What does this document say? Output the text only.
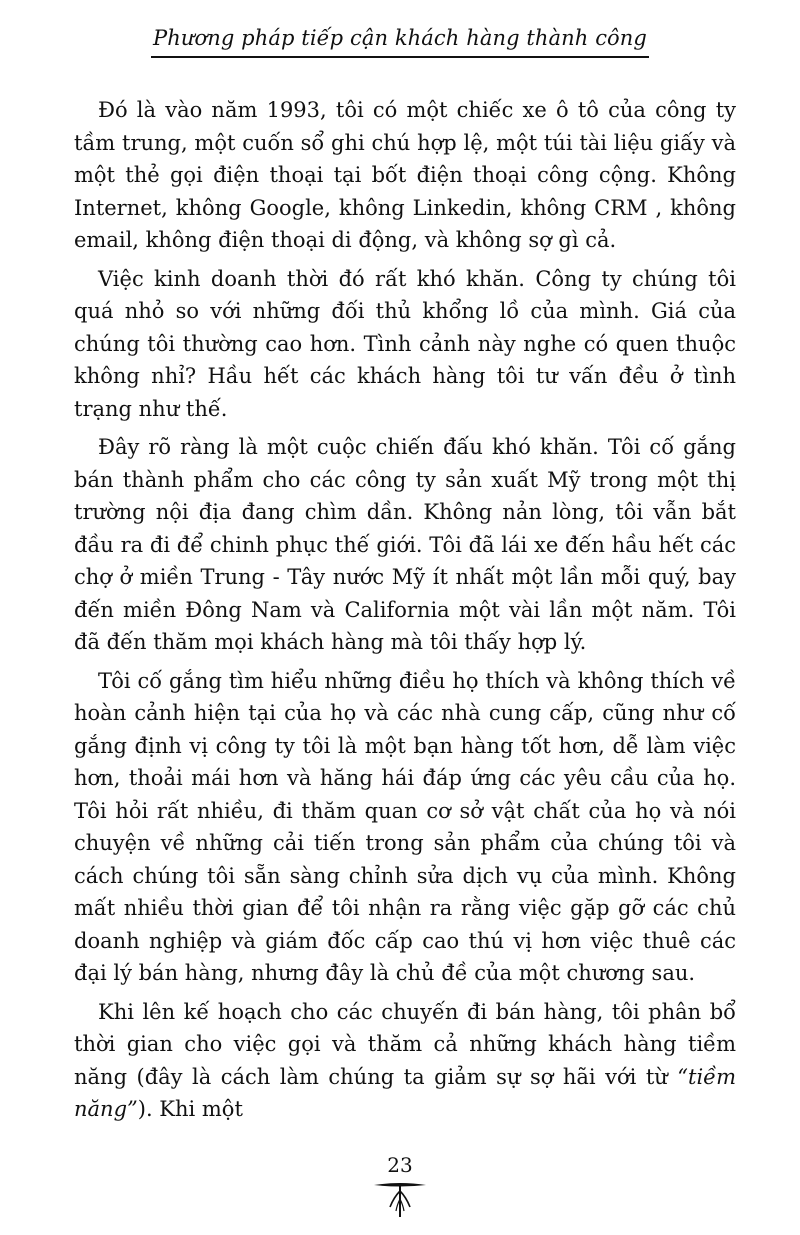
Phương pháp tiếp cận khách hàng thành công

Đó là vào năm 1993, tôi có một chiếc xe ô tô của công ty tầm trung, một cuốn sổ ghi chú hợp lệ, một túi tài liệu giấy và một thẻ gọi điện thoại tại bốt điện thoại công cộng. Không Internet, không Google, không Linkedin, không CRM , không email, không điện thoại di động, và không sợ gì cả.

Việc kinh doanh thời đó rất khó khăn. Công ty chúng tôi quá nhỏ so với những đối thủ khổng lồ của mình. Giá của chúng tôi thường cao hơn. Tình cảnh này nghe có quen thuộc không nhỉ? Hầu hết các khách hàng tôi tư vấn đều ở tình trạng như thế.

Đây rõ ràng là một cuộc chiến đấu khó khăn. Tôi cố gắng bán thành phẩm cho các công ty sản xuất Mỹ trong một thị trường nội địa đang chìm dần. Không nản lòng, tôi vẫn bắt đầu ra đi để chinh phục thế giới. Tôi đã lái xe đến hầu hết các chợ ở miền Trung - Tây nước Mỹ ít nhất một lần mỗi quý, bay đến miền Đông Nam và California một vài lần một năm. Tôi đã đến thăm mọi khách hàng mà tôi thấy hợp lý.

Tôi cố gắng tìm hiểu những điều họ thích và không thích về hoàn cảnh hiện tại của họ và các nhà cung cấp, cũng như cố gắng định vị công ty tôi là một bạn hàng tốt hơn, dễ làm việc hơn, thoải mái hơn và hăng hái đáp ứng các yêu cầu của họ. Tôi hỏi rất nhiều, đi thăm quan cơ sở vật chất của họ và nói chuyện về những cải tiến trong sản phẩm của chúng tôi và cách chúng tôi sẵn sàng chỉnh sửa dịch vụ của mình. Không mất nhiều thời gian để tôi nhận ra rằng việc gặp gỡ các chủ doanh nghiệp và giám đốc cấp cao thú vị hơn việc thuê các đại lý bán hàng, nhưng đây là chủ đề của một chương sau.

Khi lên kế hoạch cho các chuyến đi bán hàng, tôi phân bổ thời gian cho việc gọi và thăm cả những khách hàng tiềm năng (đây là cách làm chúng ta giảm sự sợ hãi với từ “tiềm năng”). Khi một

23
